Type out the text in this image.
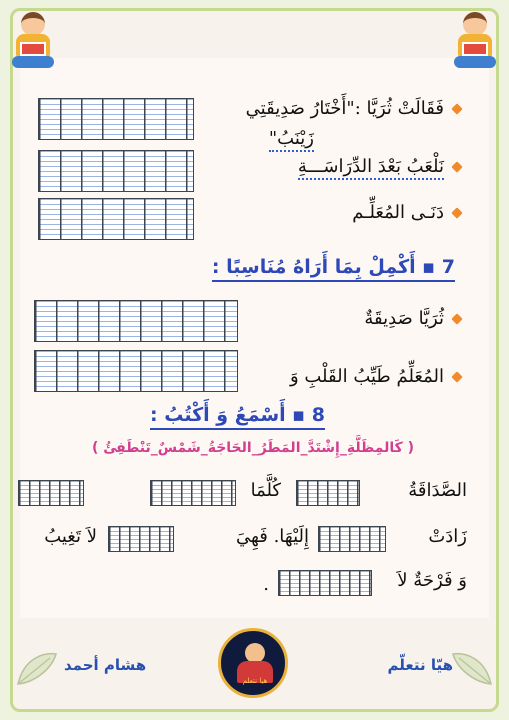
فَقَالَتْ ثُرَيَّا :"أَخْتَارُ صَدِيقَتِي
زَيْنَبُ"
نَلْعَبُ بَعْدَ الدِّرَاسَـــةِ
دَنَـى المُعَلِّـم
7 ▪ أَكْمِلْ بِمَا أَرَاهُ مُنَاسِبًا :
ثُرَيَّا صَدِيقَةٌ
المُعَلِّمُ طَيِّبُ القَلْبِ وَ
8 ▪ أَسْمَعُ وَ أَكْتُبُ :
( كَالمِظَلَّةِ_إِشْتَدَّ_المَطَرُ_الحَاجَةُ_شَمْسٌ_تَنْطَفِئُ )
الصَّدَاقَةُ
كُلَّمَا
زَادَتْ
إِلَيْهَا. فَهِيَ
لاَ تَغِيبُ
وَ فَرْحَةٌ لاَ
.
هشام أحمد	هيّا نتعلّم
هيا نتعلم
